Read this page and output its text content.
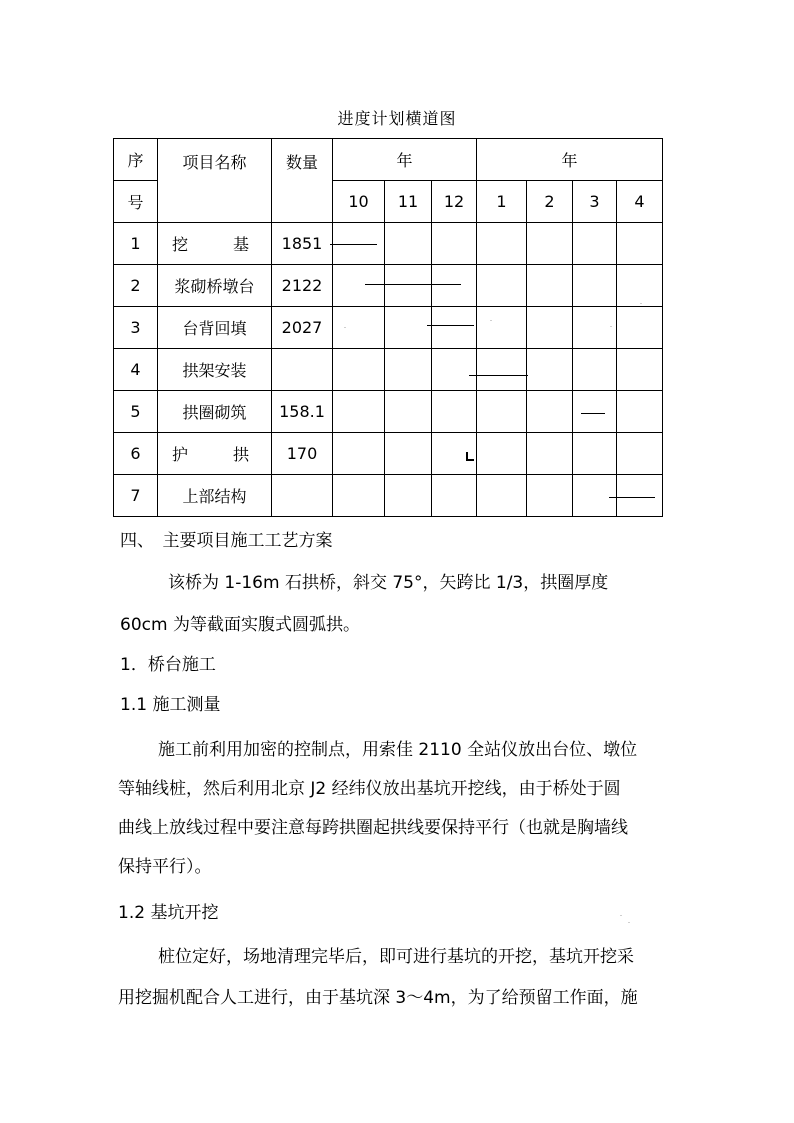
进度计划横道图
序	项目名称	数量	年			年			
号			10	11	12	1	2	3	4
1	挖 基	1851	

2	浆砌桥墩台	2122	

3	台背回填	2027		

4	拱架安装				

5	拱圈砌筑	158.1						

6	护 拱	170			

7	上部结构								
四、　主要项目施工工艺方案
该桥为 1-16m 石拱桥，斜交 75°，矢跨比 1/3，拱圈厚度
60cm 为等截面实腹式圆弧拱。
1．桥台施工
1.1 施工测量
施工前利用加密的控制点，用索佳 2110 全站仪放出台位、墩位
等轴线桩，然后利用北京 J2 经纬仪放出基坑开挖线，由于桥处于圆
曲线上放线过程中要注意每跨拱圈起拱线要保持平行（也就是胸墙线
保持平行）。
1.2 基坑开挖
桩位定好，场地清理完毕后，即可进行基坑的开挖，基坑开挖采
用挖掘机配合人工进行，由于基坑深 3～4m，为了给预留工作面，施
